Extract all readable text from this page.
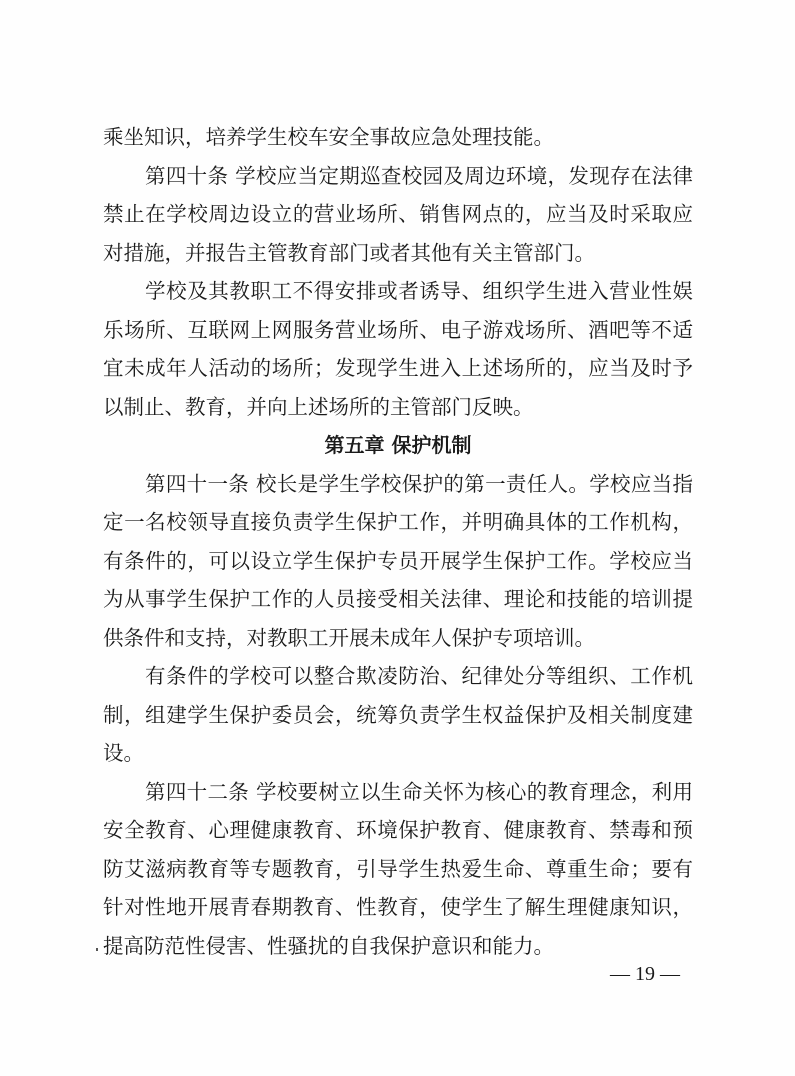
乘坐知识，培养学生校车安全事故应急处理技能。
第四十条 学校应当定期巡查校园及周边环境，发现存在法律
禁止在学校周边设立的营业场所、销售网点的，应当及时采取应
对措施，并报告主管教育部门或者其他有关主管部门。
学校及其教职工不得安排或者诱导、组织学生进入营业性娱
乐场所、互联网上网服务营业场所、电子游戏场所、酒吧等不适
宜未成年人活动的场所；发现学生进入上述场所的，应当及时予
以制止、教育，并向上述场所的主管部门反映。
第五章 保护机制
第四十一条 校长是学生学校保护的第一责任人。学校应当指
定一名校领导直接负责学生保护工作，并明确具体的工作机构，
有条件的，可以设立学生保护专员开展学生保护工作。学校应当
为从事学生保护工作的人员接受相关法律、理论和技能的培训提
供条件和支持，对教职工开展未成年人保护专项培训。
有条件的学校可以整合欺凌防治、纪律处分等组织、工作机
制，组建学生保护委员会，统筹负责学生权益保护及相关制度建
设。
第四十二条 学校要树立以生命关怀为核心的教育理念，利用
安全教育、心理健康教育、环境保护教育、健康教育、禁毒和预
防艾滋病教育等专题教育，引导学生热爱生命、尊重生命；要有
针对性地开展青春期教育、性教育，使学生了解生理健康知识，
提高防范性侵害、性骚扰的自我保护意识和能力。
— 19 —
